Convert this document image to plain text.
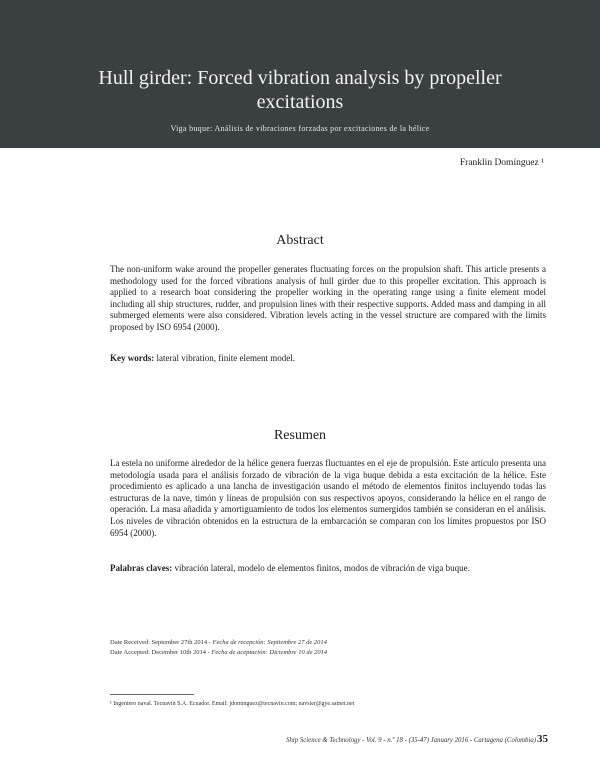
Hull girder: Forced vibration analysis by propeller excitations
Viga buque: Análisis de vibraciones forzadas por excitaciones de la hélice
Franklin Domínguez ¹
Abstract

The non-uniform wake around the propeller generates fluctuating forces on the propulsion shaft. This article presents a methodology used for the forced vibrations analysis of hull girder due to this propeller excitation. This approach is applied to a research boat considering the propeller working in the operating range using a finite element model including all ship structures, rudder, and propulsion lines with their respective supports. Added mass and damping in all submerged elements were also considered. Vibration levels acting in the vessel structure are compared with the limits proposed by ISO 6954 (2000).

Key words: lateral vibration, finite element model.

Resumen

La estela no uniforme alrededor de la hélice genera fuerzas fluctuantes en el eje de propulsión. Este artículo presenta una metodología usada para el análisis forzado de vibración de la viga buque debida a esta excitación de la hélice. Este procedimiento es aplicado a una lancha de investigación usando el método de elementos finitos incluyendo todas las estructuras de la nave, timón y líneas de propulsión con sus respectivos apoyos, considerando la hélice en el rango de operación. La masa añadida y amortiguamiento de todos los elementos sumergidos también se consideran en el análisis. Los niveles de vibración obtenidos en la estructura de la embarcación se comparan con los límites propuestos por ISO 6954 (2000).

Palabras claves: vibración lateral, modelo de elementos finitos, modos de vibración de viga buque.

Date Received: September 27th 2014 - Fecha de recepción: Septiembre 27 de 2014
Date Accepted: December 10th 2014 - Fecha de aceptación: Diciembre 10 de 2014
¹ Ingeniero naval. Tecnavin S.A. Ecuador. Email: jdominguez@tecnavin.com; navsier@gye.satnet.net
Ship Science & Technology - Vol. 9 - n.º 18 - (35-47) January 2016 - Cartagena (Colombia) 35
